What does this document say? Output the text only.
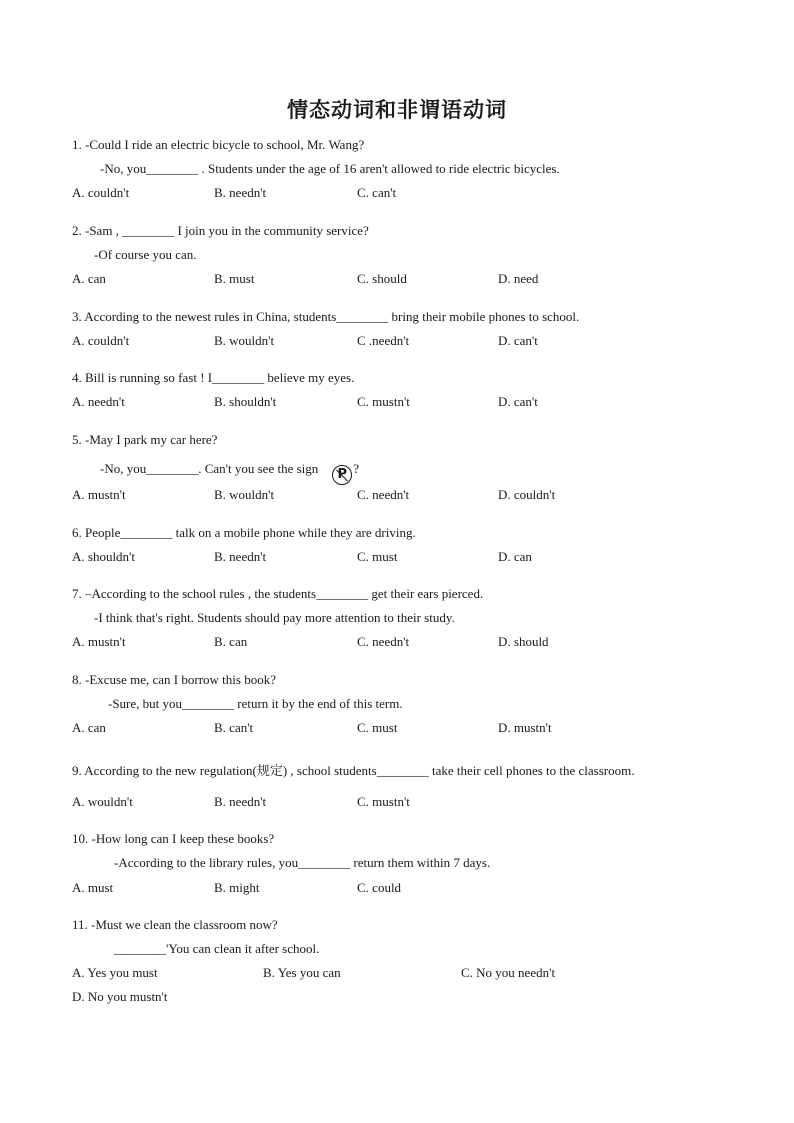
情态动词和非谓语动词
1. -Could I ride an electric bicycle to school, Mr. Wang?
-No, you________ . Students under the age of 16 aren't allowed to ride electric bicycles.
A. couldn't	B. needn't	C. can't
2. -Sam , ________ I join you in the community service?
-Of course you can.
A. can	B. must	C. should	D. need
3. According to the newest rules in China, students________ bring their mobile phones to school.
A. couldn't	B. wouldn't	C .needn't	D. can't
4. Bill is running so fast ! I________ believe my eyes.
A. needn't	B. shouldn't	C. mustn't	D. can't
5. -May I park my car here?
-No, you________. Can't you see the sign P ?
A. mustn't	B. wouldn't	C. needn't	D. couldn't
6. People________ talk on a mobile phone while they are driving.
A. shouldn't	B. needn't	C. must	D. can
7. –According to the school rules , the students________ get their ears pierced.
-I think that's right. Students should pay more attention to their study.
A. mustn't	B. can	C. needn't	D. should
8. -Excuse me, can I borrow this book?
-Sure, but you________ return it by the end of this term.
A. can	B. can't	C. must	D. mustn't
9. According to the new regulation(规定) , school students________ take their cell phones to the classroom.
A. wouldn't	B. needn't	C. mustn't
10. -How long can I keep these books?
-According to the library rules, you________ return them within 7 days.
A. must	B. might	C. could
11. -Must we clean the classroom now?
________'You can clean it after school.
A. Yes you must	B. Yes you can	C. No you needn't
D. No you mustn't
